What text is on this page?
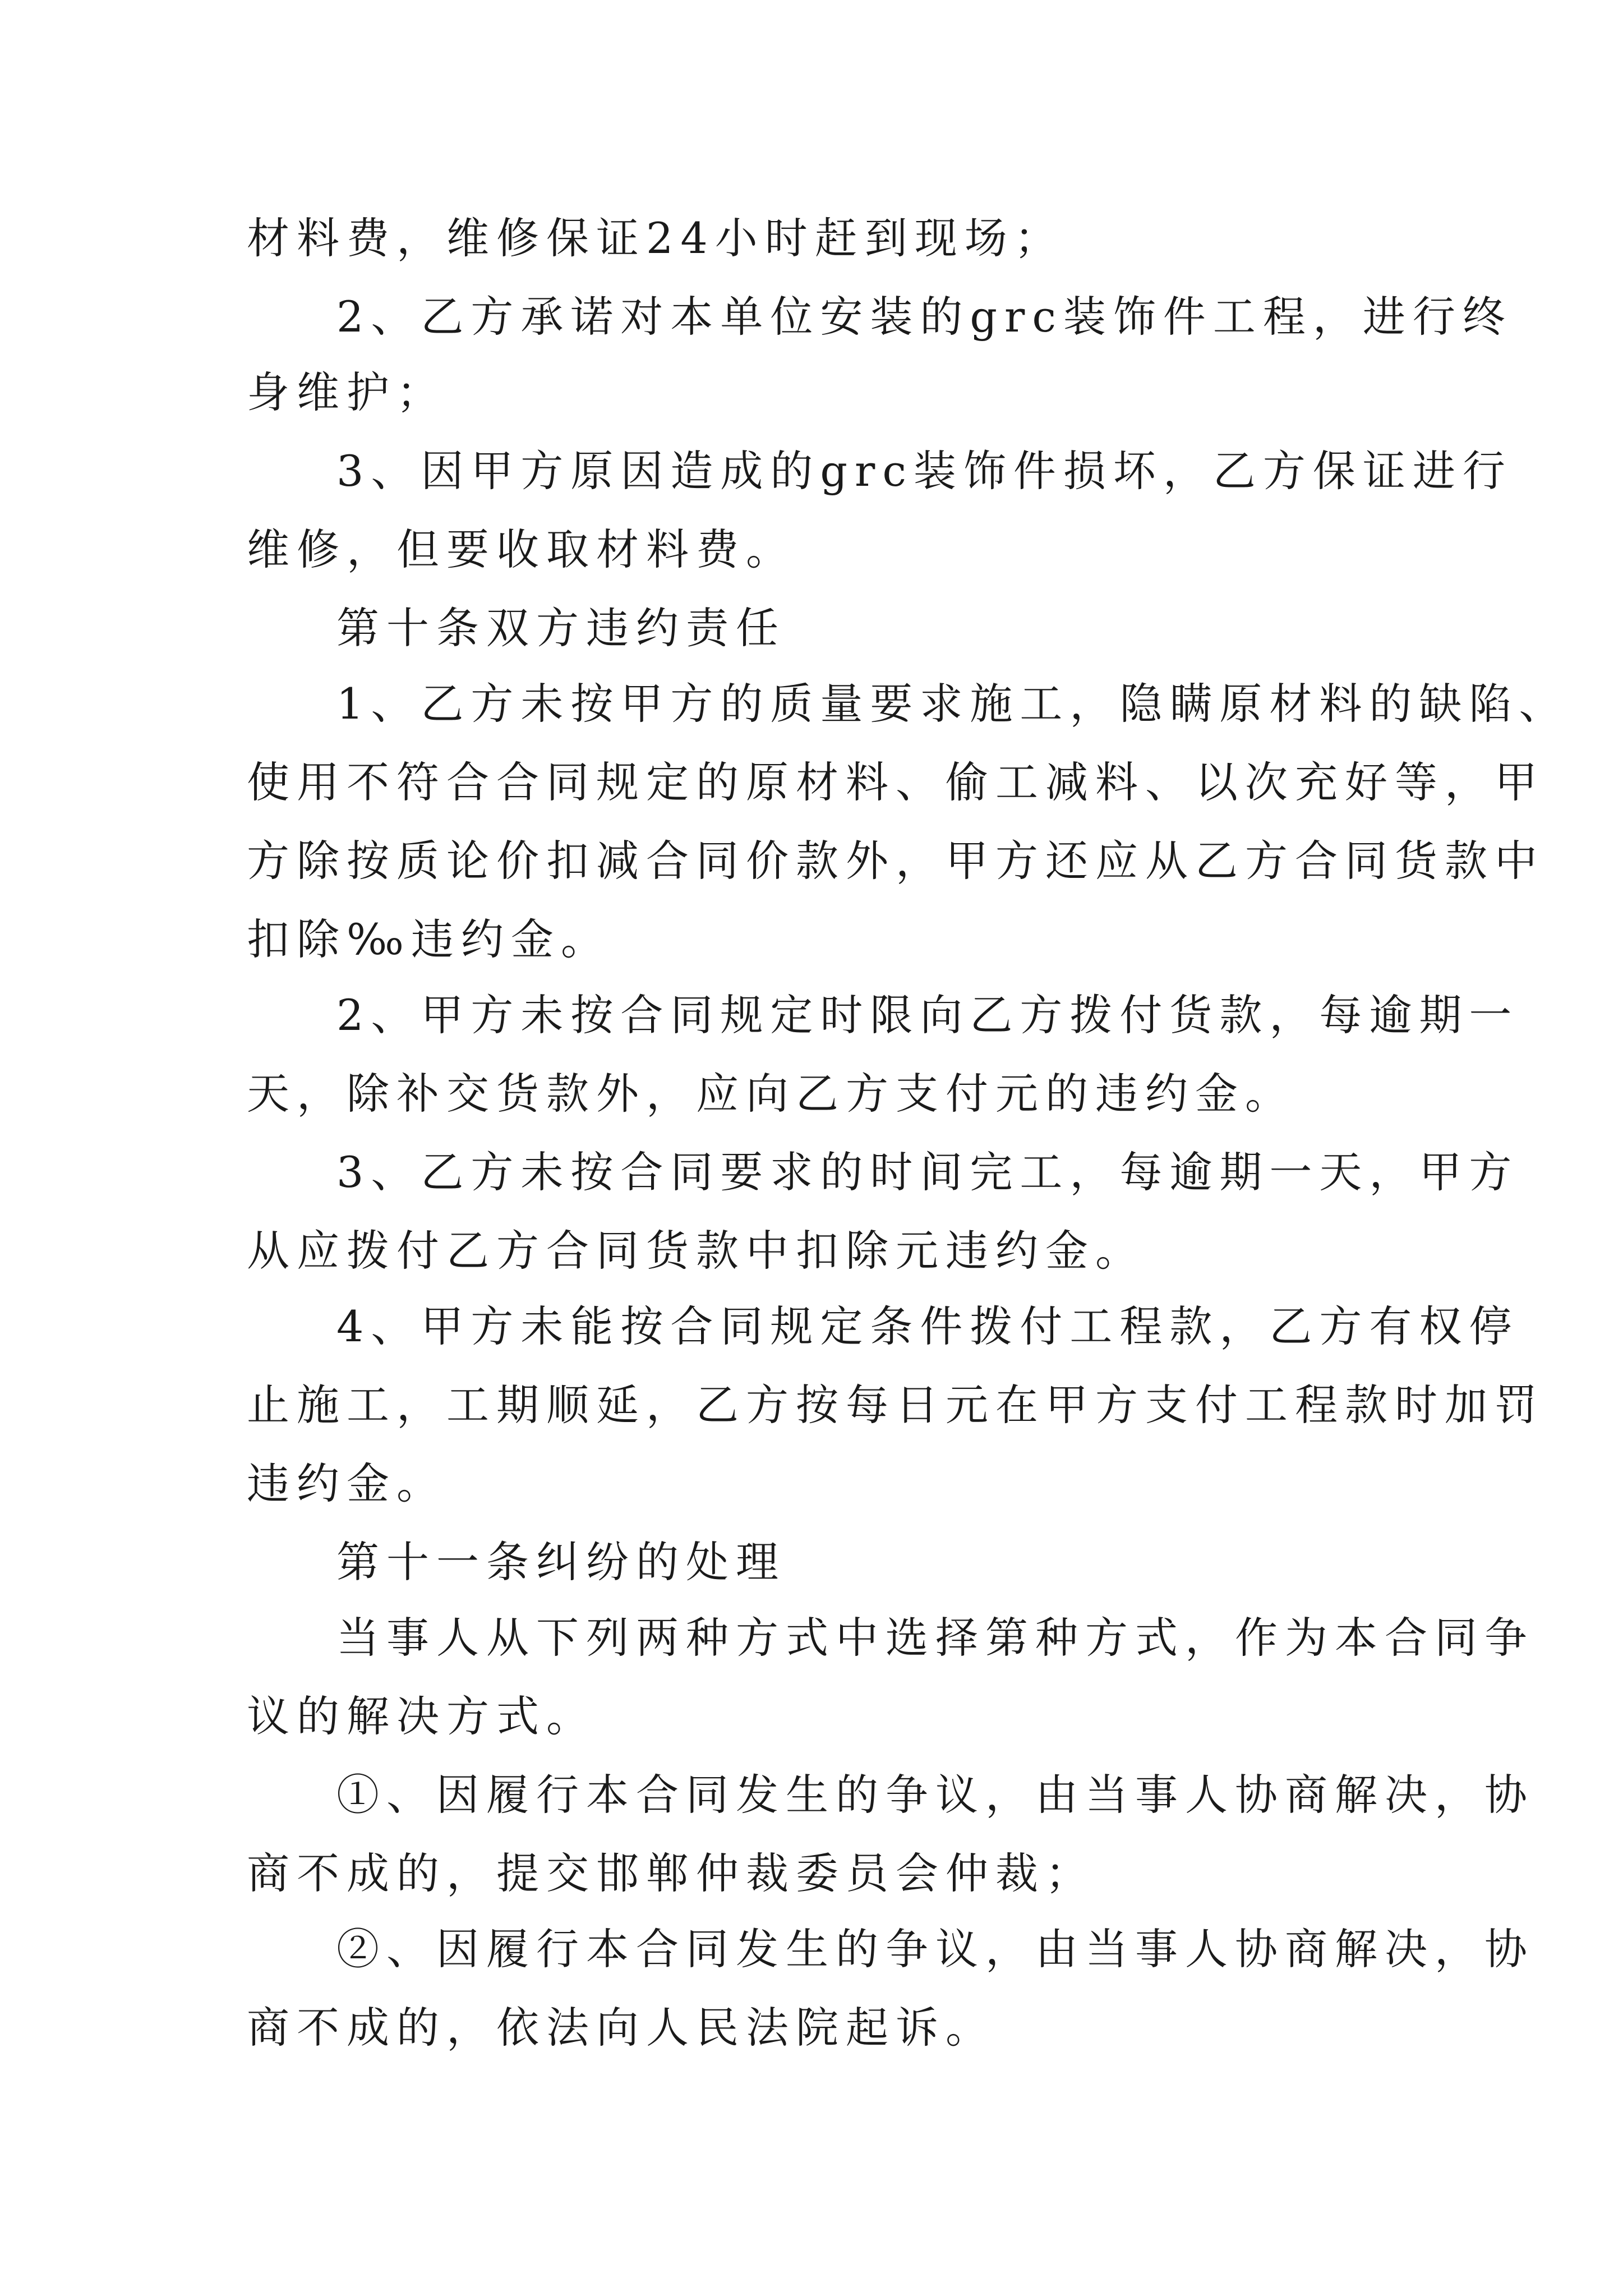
材料费，维修保证24小时赶到现场；
2、乙方承诺对本单位安装的grc装饰件工程，进行终
身维护；
3、因甲方原因造成的grc装饰件损坏，乙方保证进行
维修，但要收取材料费。
第十条双方违约责任
1、乙方未按甲方的质量要求施工，隐瞒原材料的缺陷、
使用不符合合同规定的原材料、偷工减料、以次充好等，甲
方除按质论价扣减合同价款外，甲方还应从乙方合同货款中
扣除‰违约金。
2、甲方未按合同规定时限向乙方拨付货款，每逾期一
天，除补交货款外，应向乙方支付元的违约金。
3、乙方未按合同要求的时间完工，每逾期一天，甲方
从应拨付乙方合同货款中扣除元违约金。
4、甲方未能按合同规定条件拨付工程款，乙方有权停
止施工，工期顺延，乙方按每日元在甲方支付工程款时加罚
违约金。
第十一条纠纷的处理
当事人从下列两种方式中选择第种方式，作为本合同争
议的解决方式。
①、因履行本合同发生的争议，由当事人协商解决，协
商不成的，提交邯郸仲裁委员会仲裁；
②、因履行本合同发生的争议，由当事人协商解决，协
商不成的，依法向人民法院起诉。
